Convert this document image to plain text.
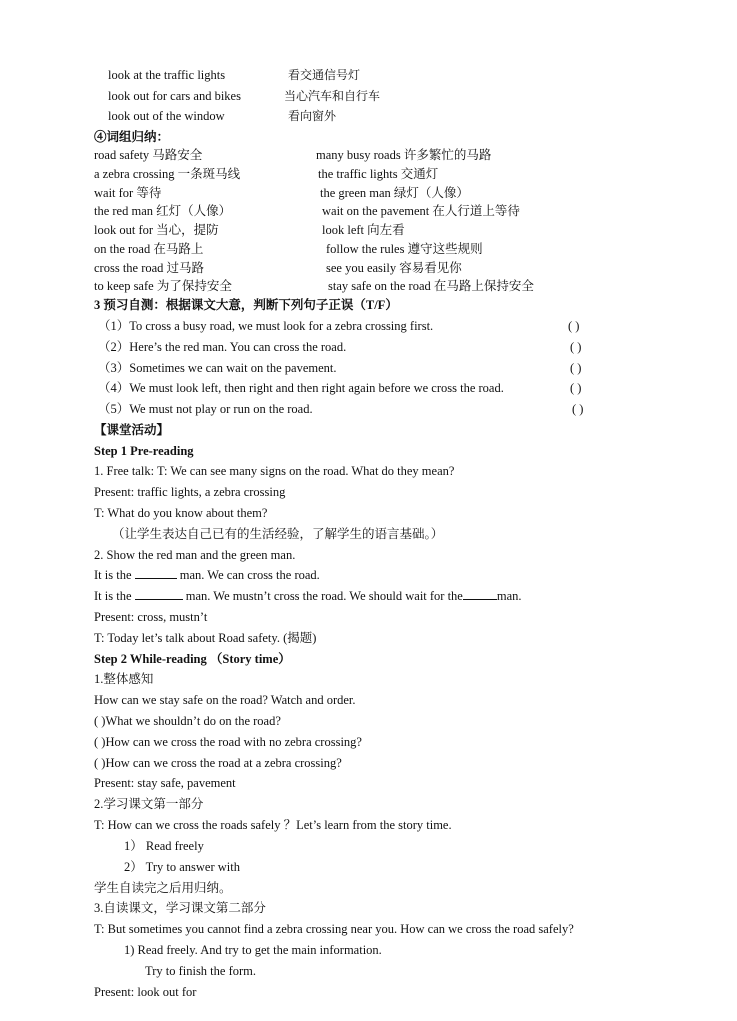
look at the traffic lights	看交通信号灯
look out for cars and bikes	当心汽车和自行车
look out of the window	看向窗外
④词组归纳：
road safety 马路安全	many busy roads 许多繁忙的马路
a zebra crossing 一条斑马线	the traffic lights 交通灯
wait for 等待	the green man 绿灯（人像）
the red man 红灯（人像）	wait on the pavement 在人行道上等待
look out for 当心，提防	look left 向左看
on the road 在马路上	follow the rules 遵守这些规则
cross the road 过马路	see you easily 容易看见你
to keep safe 为了保持安全	stay safe on the road 在马路上保持安全
3 预习自测：根据课文大意，判断下列句子正误（T/F）
（1）To cross a busy road, we must look for a zebra crossing first.	( )
（2）Here’s the red man. You can cross the road.	( )
（3）Sometimes we can wait on the pavement.	( )
（4）We must look left, then right and then right again before we cross the road.	( )
（5）We must not play or run on the road.	( )
【课堂活动】
Step 1 Pre-reading
1. Free talk: T: We can see many signs on the road. What do they mean?
Present: traffic lights, a zebra crossing
T: What do you know about them?
（让学生表达自己已有的生活经验，了解学生的语言基础。）
2. Show the red man and the green man.
It is the	man. We can cross the road.
It is the	man. We mustn’t cross the road. We should wait for the	man.
Present: cross, mustn’t
T: Today let’s talk about Road safety. (揭题)
Step 2 While-reading （Story time）
1.整体感知
How can we stay safe on the road? Watch and order.
( )What we shouldn’t do on the road?
( )How can we cross the road with no zebra crossing?
( )How can we cross the road at a zebra crossing?
Present: stay safe, pavement
2.学习课文第一部分
T: How can we cross the roads safely ？Let’s learn from the story time.
1） Read freely
2） Try to answer with
学生自读完之后用归纳。
3.自读课文，学习课文第二部分
T: But sometimes you cannot find a zebra crossing near you. How can we cross the road safely?
1) Read freely. And try to get the main information.
Try to finish the form.
Present: look out for
